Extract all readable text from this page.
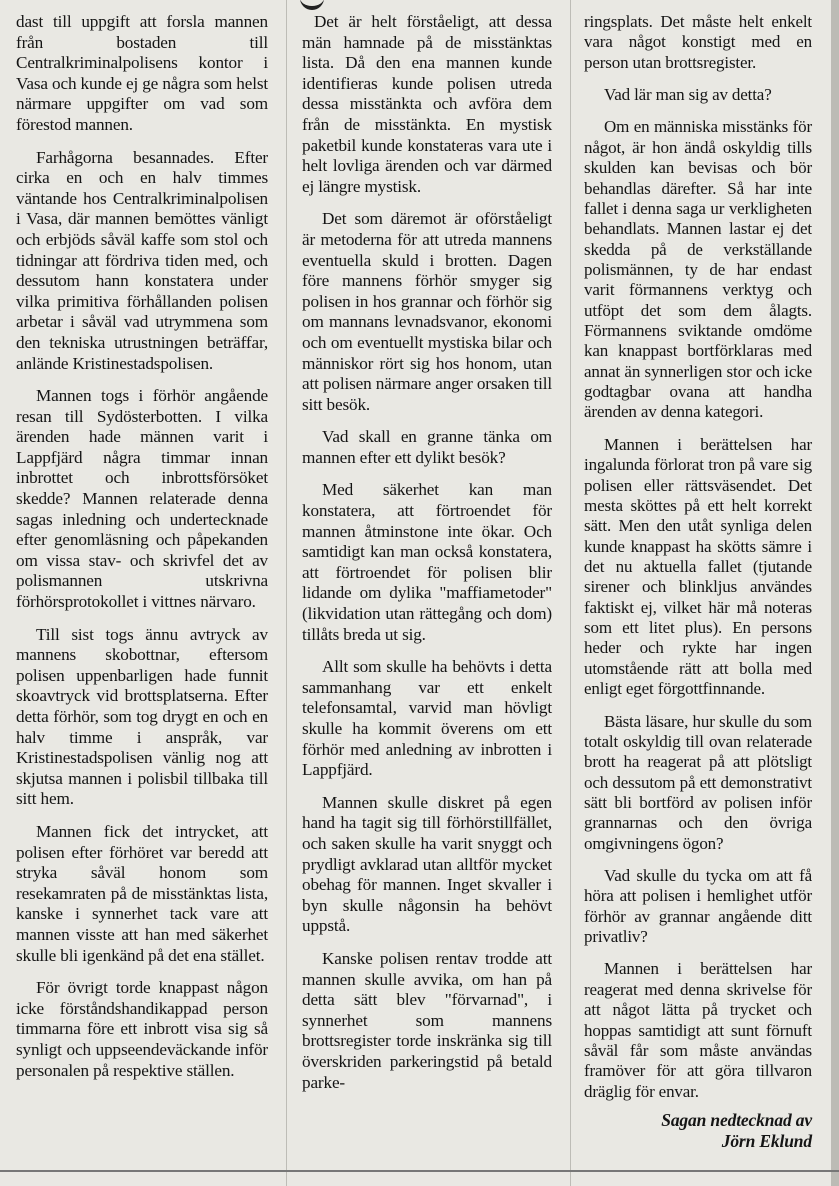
dast till uppgift att forsla mannen från bostaden till Centralkriminalpolisens kontor i Vasa och kunde ej ge några som helst närmare uppgifter om vad som förestod mannen.

Farhågorna besannades. Efter cirka en och en halv timmes väntande hos Centralkriminalpolisen i Vasa, där mannen bemöttes vänligt och erbjöds såväl kaffe som stol och tidningar att fördriva tiden med, och dessutom hann konstatera under vilka primitiva förhållanden polisen arbetar i såväl vad utrymmena som den tekniska utrustningen beträffar, anlände Kristinestadspolisen.

Mannen togs i förhör angående resan till Sydösterbotten. I vilka ärenden hade männen varit i Lappfjärd några timmar innan inbrottet och inbrottsförsöket skedde? Mannen relaterade denna sagas inledning och undertecknade efter genomläsning och påpekanden om vissa stav- och skrivfel det av polismannen utskrivna förhörsprotokollet i vittnes närvaro.

Till sist togs ännu avtryck av mannens skobottnar, eftersom polisen uppenbarligen hade funnit skoavtryck vid brottsplatserna. Efter detta förhör, som tog drygt en och en halv timme i anspråk, var Kristinestadspolisen vänlig nog att skjutsa mannen i polisbil tillbaka till sitt hem.

Mannen fick det intrycket, att polisen efter förhöret var beredd att stryka såväl honom som resekamraten på de misstänktas lista, kanske i synnerhet tack vare att mannen visste att han med säkerhet skulle bli igenkänd på det ena stället.

För övrigt torde knappast någon icke förståndshandikappad person timmarna före ett inbrott visa sig så synligt och uppseendeväckande inför personalen på respektive ställen.

Det är helt förståeligt, att dessa män hamnade på de misstänktas lista. Då den ena mannen kunde identifieras kunde polisen utreda dessa misstänkta och avföra dem från de misstänkta. En mystisk paketbil kunde konstateras vara ute i helt lovliga ärenden och var därmed ej längre mystisk.

Det som däremot är oförståeligt är metoderna för att utreda mannens eventuella skuld i brotten. Dagen före mannens förhör smyger sig polisen in hos grannar och förhör sig om mannans levnadsvanor, ekonomi och om eventuellt mystiska bilar och människor rört sig hos honom, utan att polisen närmare anger orsaken till sitt besök.

Vad skall en granne tänka om mannen efter ett dylikt besök?

Med säkerhet kan man konstatera, att förtroendet för mannen åtminstone inte ökar. Och samtidigt kan man också konstatera, att förtroendet för polisen blir lidande om dylika "maffiametoder" (likvidation utan rättegång och dom) tillåts breda ut sig.

Allt som skulle ha behövts i detta sammanhang var ett enkelt telefonsamtal, varvid man hövligt skulle ha kommit överens om ett förhör med anledning av inbrotten i Lappfjärd.

Mannen skulle diskret på egen hand ha tagit sig till förhörstillfället, och saken skulle ha varit snyggt och prydligt avklarad utan alltför mycket obehag för mannen. Inget skvaller i byn skulle någonsin ha behövt uppstå.

Kanske polisen rentav trodde att mannen skulle avvika, om han på detta sätt blev "förvarnad", i synnerhet som mannens brottsregister torde inskränka sig till överskriden parkeringstid på betald parke-

ringsplats. Det måste helt enkelt vara något konstigt med en person utan brottsregister.

Vad lär man sig av detta?

Om en människa misstänks för något, är hon ändå oskyldig tills skulden kan bevisas och bör behandlas därefter. Så har inte fallet i denna saga ur verkligheten behandlats. Mannen lastar ej det skedda på de verkställande polismännen, ty de har endast varit förmannens verktyg och utföpt det som dem ålagts. Förmannens sviktande omdöme kan knappast bortförklaras med annat än synnerligen stor och icke godtagbar ovana att handha ärenden av denna kategori.

Mannen i berättelsen har ingalunda förlorat tron på vare sig polisen eller rättsväsendet. Det mesta sköttes på ett helt korrekt sätt. Men den utåt synliga delen kunde knappast ha skötts sämre i det nu aktuella fallet (tjutande sirener och blinkljus användes faktiskt ej, vilket här må noteras som ett litet plus). En persons heder och rykte har ingen utomstående rätt att bolla med enligt eget förgottfinnande.

Bästa läsare, hur skulle du som totalt oskyldig till ovan relaterade brott ha reagerat på att plötsligt och dessutom på ett demonstrativt sätt bli bortförd av polisen inför grannarnas och den övriga omgivningens ögon?

Vad skulle du tycka om att få höra att polisen i hemlighet utför förhör av grannar angående ditt privatliv?

Mannen i berättelsen har reagerat med denna skrivelse för att något lätta på trycket och hoppas samtidigt att sunt förnuft såväl får som måste användas framöver för att göra tillvaron dräglig för envar.

Sagan nedtecknad av
Jörn Eklund
